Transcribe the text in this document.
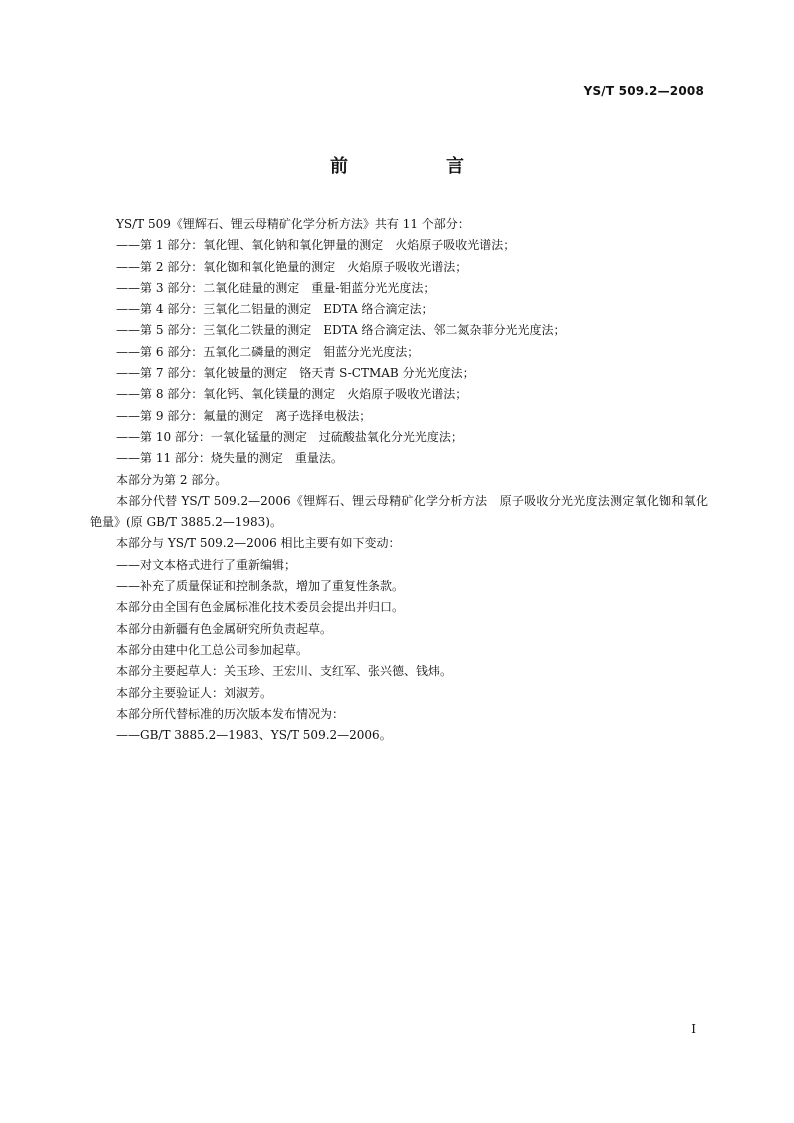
YS/T 509.2—2008
前　言
YS/T 509《锂辉石、锂云母精矿化学分析方法》共有 11 个部分：
——第 1 部分：氧化锂、氧化钠和氧化钾量的测定　火焰原子吸收光谱法；
——第 2 部分：氧化铷和氧化铯量的测定　火焰原子吸收光谱法；
——第 3 部分：二氧化硅量的测定　重量-钼蓝分光光度法；
——第 4 部分：三氧化二铝量的测定　EDTA 络合滴定法；
——第 5 部分：三氧化二铁量的测定　EDTA 络合滴定法、邻二氮杂菲分光光度法；
——第 6 部分：五氧化二磷量的测定　钼蓝分光光度法；
——第 7 部分：氧化铍量的测定　铬天青 S-CTMAB 分光光度法；
——第 8 部分：氧化钙、氧化镁量的测定　火焰原子吸收光谱法；
——第 9 部分：氟量的测定　离子选择电极法；
——第 10 部分：一氧化锰量的测定　过硫酸盐氧化分光光度法；
——第 11 部分：烧失量的测定　重量法。
本部分为第 2 部分。
本部分代替 YS/T 509.2—2006《锂辉石、锂云母精矿化学分析方法　原子吸收分光光度法测定氧化铷和氧化铯量》(原 GB/T 3885.2—1983)。
本部分与 YS/T 509.2—2006 相比主要有如下变动：
——对文本格式进行了重新编辑；
——补充了质量保证和控制条款，增加了重复性条款。
本部分由全国有色金属标准化技术委员会提出并归口。
本部分由新疆有色金属研究所负责起草。
本部分由建中化工总公司参加起草。
本部分主要起草人：关玉珍、王宏川、支红军、张兴德、钱炜。
本部分主要验证人：刘淑芳。
本部分所代替标准的历次版本发布情况为：
——GB/T 3885.2—1983、YS/T 509.2—2006。
I
